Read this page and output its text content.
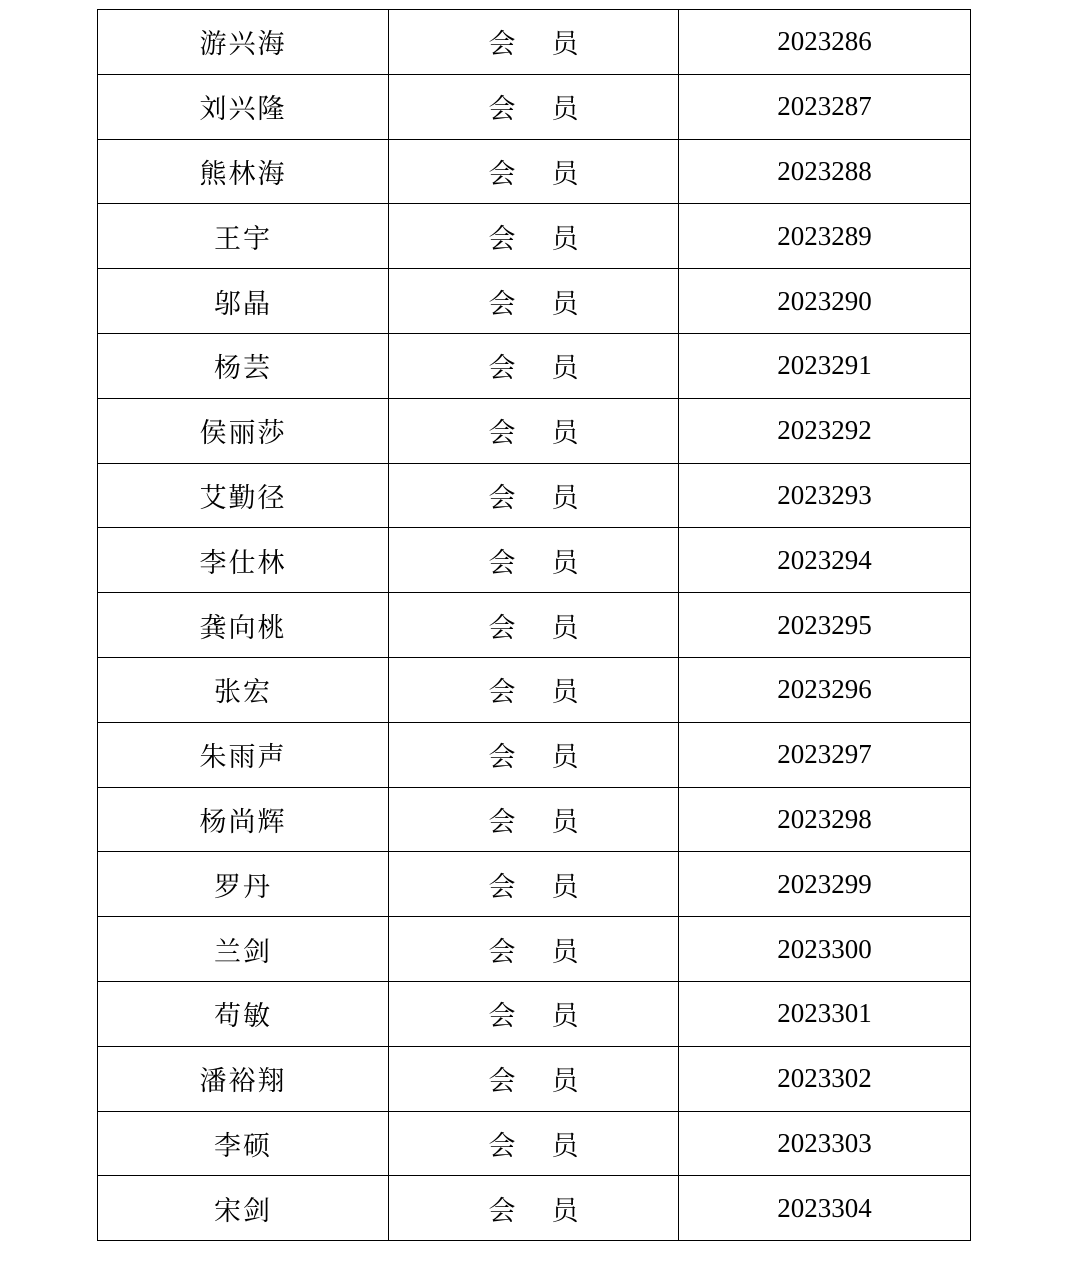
游兴海	会 员	2023286
刘兴隆	会 员	2023287
熊林海	会 员	2023288
王宇	会 员	2023289
邬晶	会 员	2023290
杨芸	会 员	2023291
侯丽莎	会 员	2023292
艾勤径	会 员	2023293
李仕林	会 员	2023294
龚向桃	会 员	2023295
张宏	会 员	2023296
朱雨声	会 员	2023297
杨尚辉	会 员	2023298
罗丹	会 员	2023299
兰剑	会 员	2023300
苟敏	会 员	2023301
潘裕翔	会 员	2023302
李硕	会 员	2023303
宋剑	会 员	2023304
